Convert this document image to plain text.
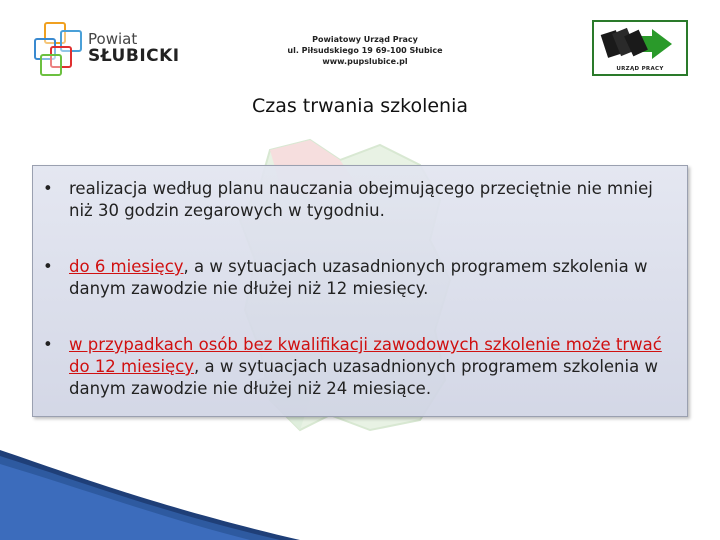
Powiat
SŁUBICKI
Powiatowy Urząd Pracy
ul. Piłsudskiego 19 69-100 Słubice
www.pupslubice.pl
URZĄD PRACY
Czas trwania szkolenia
• realizacja według planu nauczania obejmującego przeciętnie nie mniej niż 30 godzin zegarowych w tygodniu.
• do 6 miesięcy, a w sytuacjach uzasadnionych programem szkolenia w danym zawodzie nie dłużej niż 12 miesięcy.
• w przypadkach osób bez kwalifikacji zawodowych szkolenie może trwać do 12 miesięcy, a w sytuacjach uzasadnionych programem szkolenia w danym zawodzie nie dłużej niż 24 miesiące.
